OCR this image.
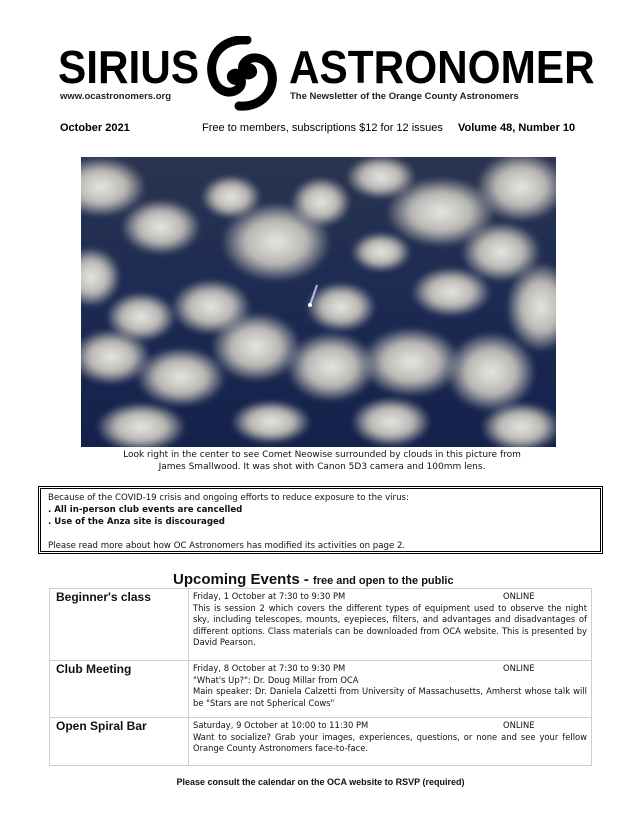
SIRIUS ASTRONOMER
www.ocastronomers.org	The Newsletter of the Orange County Astronomers
October 2021	Free to members, subscriptions $12 for 12 issues Volume 48, Number 10
Look right in the center to see Comet Neowise surrounded by clouds in this picture from James Smallwood. It was shot with Canon 5D3 camera and 100mm lens.
Because of the COVID-19 crisis and ongoing efforts to reduce exposure to the virus:
. All in-person club events are cancelled
. Use of the Anza site is discouraged
Please read more about how OC Astronomers has modified its activities on page 2.
Upcoming Events - free and open to the public
Beginner's class	Friday, 1 October at 7:30 to 9:30 PM ONLINE
This is session 2 which covers the different types of equipment used to observe the night sky, including telescopes, mounts, eyepieces, filters, and advantages and disadvantages of different options. Class materials can be downloaded from OCA website. This is presented by David Pearson.

Club Meeting	Friday, 8 October at 7:30 to 9:30 PM ONLINE
"What's Up?": Dr. Doug Millar from OCA
Main speaker: Dr. Daniela Calzetti from University of Massachusetts, Amherst whose talk will be "Stars are not Spherical Cows"

Open Spiral Bar	Saturday, 9 October at 10:00 to 11:30 PM ONLINE
Want to socialize? Grab your images, experiences, questions, or none and see your fellow Orange County Astronomers face-to-face.
Please consult the calendar on the OCA website to RSVP (required)
